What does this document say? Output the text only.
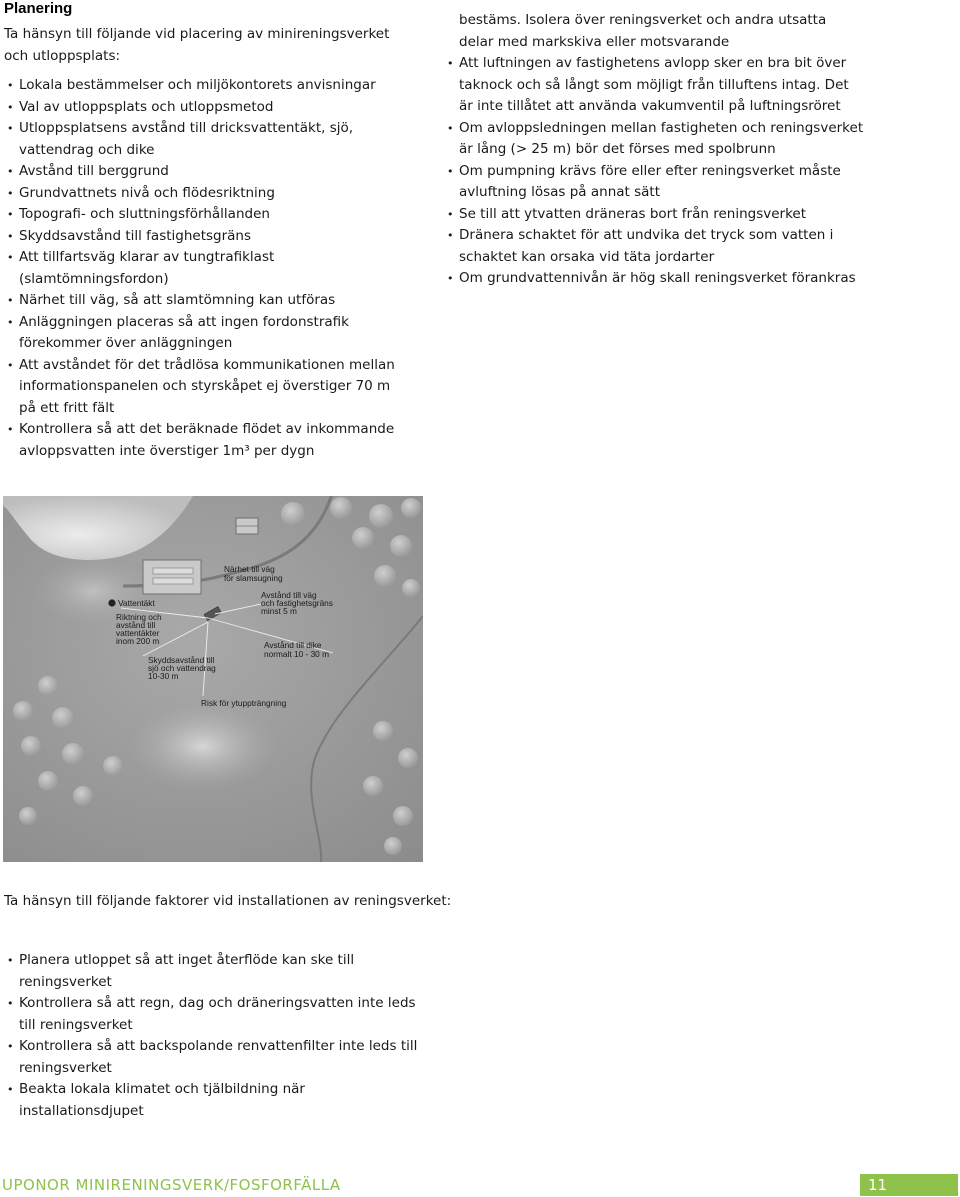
Planering

Ta hänsyn till följande vid placering av minireningsverket och utloppsplats:

• Lokala bestämmelser och miljökontorets anvisningar
• Val av utloppsplats och utloppsmetod
• Utloppsplatsens avstånd till dricksvattentäkt, sjö, vattendrag och dike
• Avstånd till berggrund
• Grundvattnets nivå och flödesriktning
• Topografi- och sluttningsförhållanden
• Skyddsavstånd till fastighetsgräns
• Att tillfartsväg klarar av tungtrafiklast (slamtömningsfordon)
• Närhet till väg, så att slamtömning kan utföras
• Anläggningen placeras så att ingen fordonstrafik förekommer över anläggningen
• Att avståndet för det trådlösa kommunikationen mellan informationspanelen och styrskåpet ej överstiger 70 m på ett fritt fält
• Kontrollera så att det beräknade flödet av inkommande avloppsvatten inte överstiger 1m³ per dygn

bestäms. Isolera över reningsverket och andra utsatta delar med markskiva eller motsvarande

• Att luftningen av fastighetens avlopp sker en bra bit över taknock och så långt som möjligt från tilluftens intag. Det är inte tillåtet att använda vakumventil på luftningsröret
• Om avloppsledningen mellan fastigheten och reningsverket är lång (> 25 m) bör det förses med spolbrunn
• Om pumpning krävs före eller efter reningsverket måste avluftning lösas på annat sätt
• Se till att ytvatten dräneras bort från reningsverket
• Dränera schaktet för att undvika det tryck som vatten i schaktet kan orsaka vid täta jordarter
• Om grundvattennivån är hög skall reningsverket förankras
Närhet till väg
för slamsugning
Vattentäkt
Riktning och
avstånd till
vattentäkter
inom 200 m
Skyddsavstånd till
sjö och vattendrag
10-30 m
Avstånd till väg
och fastighetsgräns
minst 5 m
Avstånd till dike
normalt 10 - 30 m
Risk för ytuppträngning

Ta hänsyn till följande faktorer vid installationen av reningsverket:

• Planera utloppet så att inget återflöde kan ske till reningsverket
• Kontrollera så att regn, dag och dräneringsvatten inte leds till reningsverket
• Kontrollera så att backspolande renvattenfilter inte leds till reningsverket
• Beakta lokala klimatet och tjälbildning när installationsdjupet
UPONOR MINIRENINGSVERK/FOSFORFÄLLA	11
